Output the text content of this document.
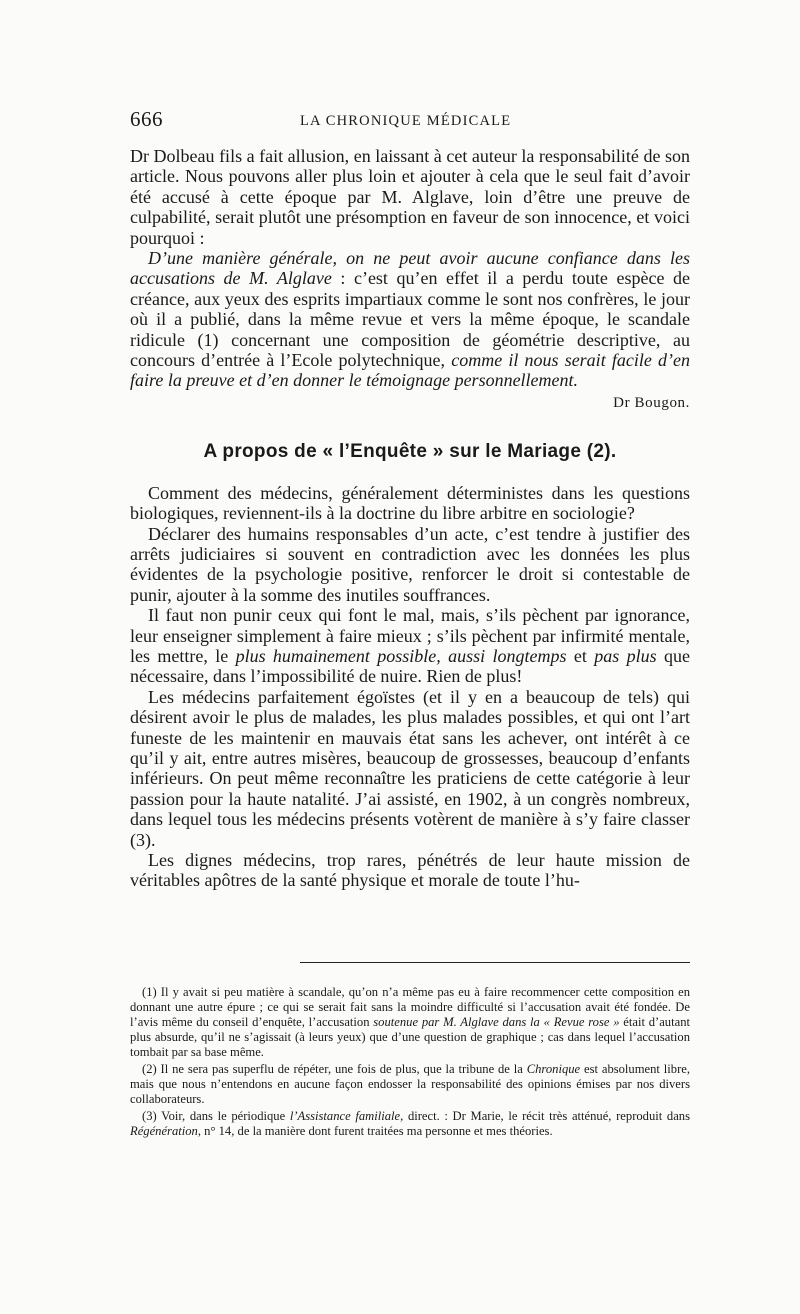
666	LA CHRONIQUE MÉDICALE

Dr Dolbeau fils a fait allusion, en laissant à cet auteur la responsabilité de son article. Nous pouvons aller plus loin et ajouter à cela que le seul fait d’avoir été accusé à cette époque par M. Alglave, loin d’être une preuve de culpabilité, serait plutôt une présomption en faveur de son innocence, et voici pourquoi :

D’une manière générale, on ne peut avoir aucune confiance dans les accusations de M. Alglave : c’est qu’en effet il a perdu toute espèce de créance, aux yeux des esprits impartiaux comme le sont nos confrères, le jour où il a publié, dans la même revue et vers la même époque, le scandale ridicule (1) concernant une composition de géométrie descriptive, au concours d’entrée à l’Ecole polytechnique, comme il nous serait facile d’en faire la preuve et d’en donner le témoignage personnellement.

Dr Bougon.
A propos de « l’Enquête » sur le Mariage (2).

Comment des médecins, généralement déterministes dans les questions biologiques, reviennent-ils à la doctrine du libre arbitre en sociologie?

Déclarer des humains responsables d’un acte, c’est tendre à justifier des arrêts judiciaires si souvent en contradiction avec les données les plus évidentes de la psychologie positive, renforcer le droit si contestable de punir, ajouter à la somme des inutiles souffrances.

Il faut non punir ceux qui font le mal, mais, s’ils pèchent par ignorance, leur enseigner simplement à faire mieux ; s’ils pèchent par infirmité mentale, les mettre, le plus humainement possible, aussi longtemps et pas plus que nécessaire, dans l’impossibilité de nuire. Rien de plus!

Les médecins parfaitement égoïstes (et il y en a beaucoup de tels) qui désirent avoir le plus de malades, les plus malades possibles, et qui ont l’art funeste de les maintenir en mauvais état sans les achever, ont intérêt à ce qu’il y ait, entre autres misères, beaucoup de grossesses, beaucoup d’enfants inférieurs. On peut même reconnaître les praticiens de cette catégorie à leur passion pour la haute natalité. J’ai assisté, en 1902, à un congrès nombreux, dans lequel tous les médecins présents votèrent de manière à s’y faire classer (3).

Les dignes médecins, trop rares, pénétrés de leur haute mission de véritables apôtres de la santé physique et morale de toute l’hu-

(1) Il y avait si peu matière à scandale, qu’on n’a même pas eu à faire recommencer cette composition en donnant une autre épure ; ce qui se serait fait sans la moindre difficulté si l’accusation avait été fondée. De l’avis même du conseil d’enquête, l’accusation soutenue par M. Alglave dans la « Revue rose » était d’autant plus absurde, qu’il ne s’agissait (à leurs yeux) que d’une question de graphique ; cas dans lequel l’accusation tombait par sa base même.

(2) Il ne sera pas superflu de répéter, une fois de plus, que la tribune de la Chronique est absolument libre, mais que nous n’entendons en aucune façon endosser la responsabilité des opinions émises par nos divers collaborateurs.

(3) Voir, dans le périodique l’Assistance familiale, direct. : Dr Marie, le récit très atténué, reproduit dans Régénération, n° 14, de la manière dont furent traitées ma personne et mes théories.
